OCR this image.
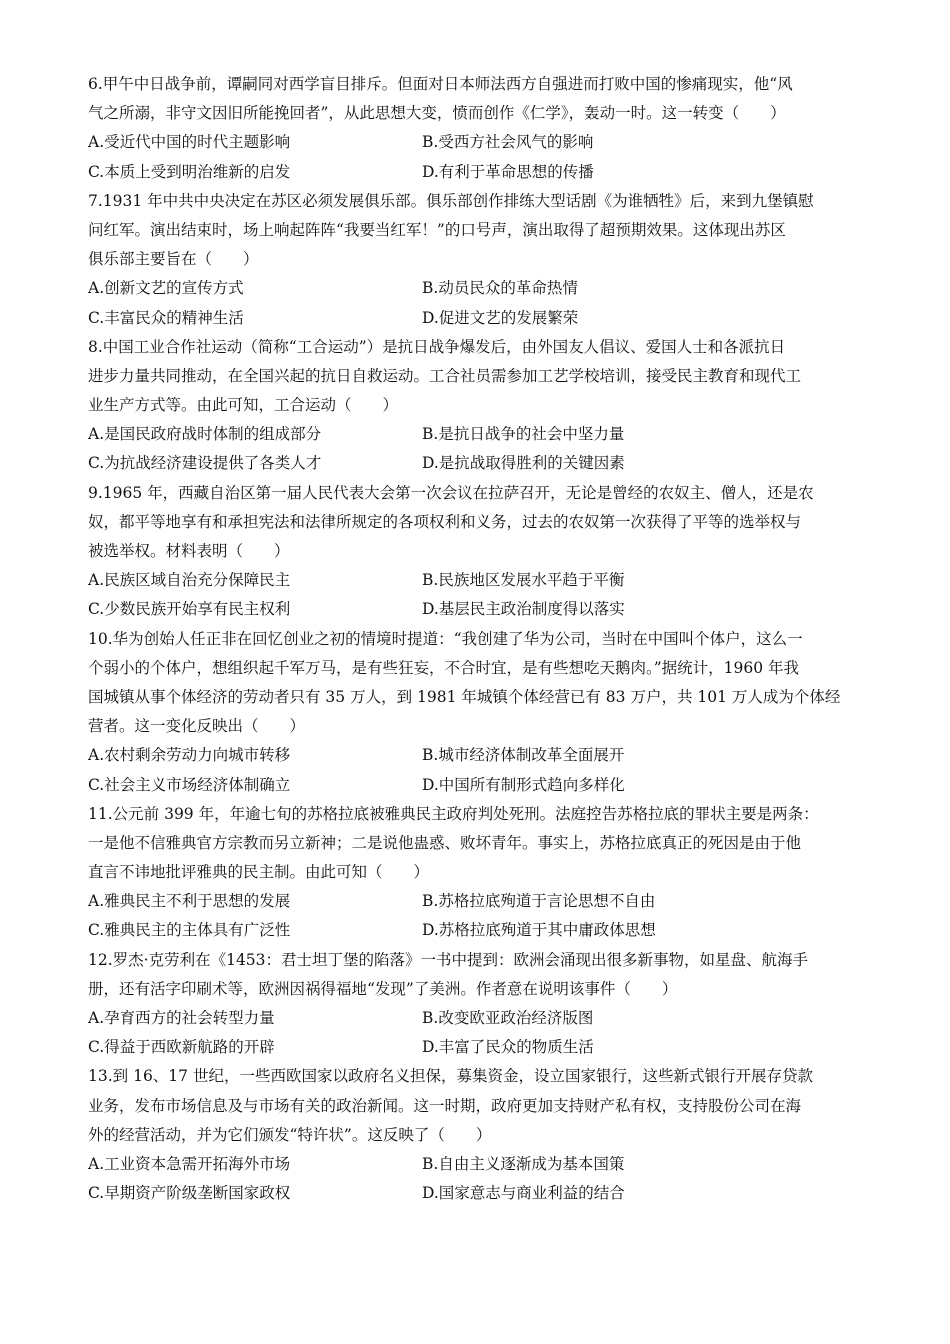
6.甲午中日战争前，谭嗣同对西学盲目排斥。但面对日本师法西方自强进而打败中国的惨痛现实，他“风
气之所溺，非守文因旧所能挽回者”，从此思想大变，愤而创作《仁学》，轰动一时。这一转变（　　）
A.受近代中国的时代主题影响	B.受西方社会风气的影响
C.本质上受到明治维新的启发	D.有利于革命思想的传播
7.1931 年中共中央决定在苏区必须发展俱乐部。俱乐部创作排练大型话剧《为谁牺牲》后，来到九堡镇慰
问红军。演出结束时，场上响起阵阵“我要当红军！”的口号声，演出取得了超预期效果。这体现出苏区
俱乐部主要旨在（　　）
A.创新文艺的宣传方式	B.动员民众的革命热情
C.丰富民众的精神生活	D.促进文艺的发展繁荣
8.中国工业合作社运动（简称“工合运动”）是抗日战争爆发后，由外国友人倡议、爱国人士和各派抗日
进步力量共同推动，在全国兴起的抗日自救运动。工合社员需参加工艺学校培训，接受民主教育和现代工
业生产方式等。由此可知，工合运动（　　）
A.是国民政府战时体制的组成部分	B.是抗日战争的社会中坚力量
C.为抗战经济建设提供了各类人才	D.是抗战取得胜利的关键因素
9.1965 年，西藏自治区第一届人民代表大会第一次会议在拉萨召开，无论是曾经的农奴主、僧人，还是农
奴，都平等地享有和承担宪法和法律所规定的各项权利和义务，过去的农奴第一次获得了平等的选举权与
被选举权。材料表明（　　）
A.民族区域自治充分保障民主	B.民族地区发展水平趋于平衡
C.少数民族开始享有民主权利	D.基层民主政治制度得以落实
10.华为创始人任正非在回忆创业之初的情境时提道：“我创建了华为公司，当时在中国叫个体户，这么一
个弱小的个体户，想组织起千军万马，是有些狂妄，不合时宜，是有些想吃天鹅肉。”据统计，1960 年我
国城镇从事个体经济的劳动者只有 35 万人，到 1981 年城镇个体经营已有 83 万户，共 101 万人成为个体经
营者。这一变化反映出（　　）
A.农村剩余劳动力向城市转移	B.城市经济体制改革全面展开
C.社会主义市场经济体制确立	D.中国所有制形式趋向多样化
11.公元前 399 年，年逾七旬的苏格拉底被雅典民主政府判处死刑。法庭控告苏格拉底的罪状主要是两条：
一是他不信雅典官方宗教而另立新神；二是说他蛊惑、败坏青年。事实上，苏格拉底真正的死因是由于他
直言不讳地批评雅典的民主制。由此可知（　　）
A.雅典民主不利于思想的发展	B.苏格拉底殉道于言论思想不自由
C.雅典民主的主体具有广泛性	D.苏格拉底殉道于其中庸政体思想
12.罗杰·克劳利在《1453：君士坦丁堡的陷落》一书中提到：欧洲会涌现出很多新事物，如星盘、航海手
册，还有活字印刷术等，欧洲因祸得福地“发现”了美洲。作者意在说明该事件（　　）
A.孕育西方的社会转型力量	B.改变欧亚政治经济版图
C.得益于西欧新航路的开辟	D.丰富了民众的物质生活
13.到 16、17 世纪，一些西欧国家以政府名义担保，募集资金，设立国家银行，这些新式银行开展存贷款
业务，发布市场信息及与市场有关的政治新闻。这一时期，政府更加支持财产私有权，支持股份公司在海
外的经营活动，并为它们颁发“特许状”。这反映了（　　）
A.工业资本急需开拓海外市场	B.自由主义逐渐成为基本国策
C.早期资产阶级垄断国家政权	D.国家意志与商业利益的结合
